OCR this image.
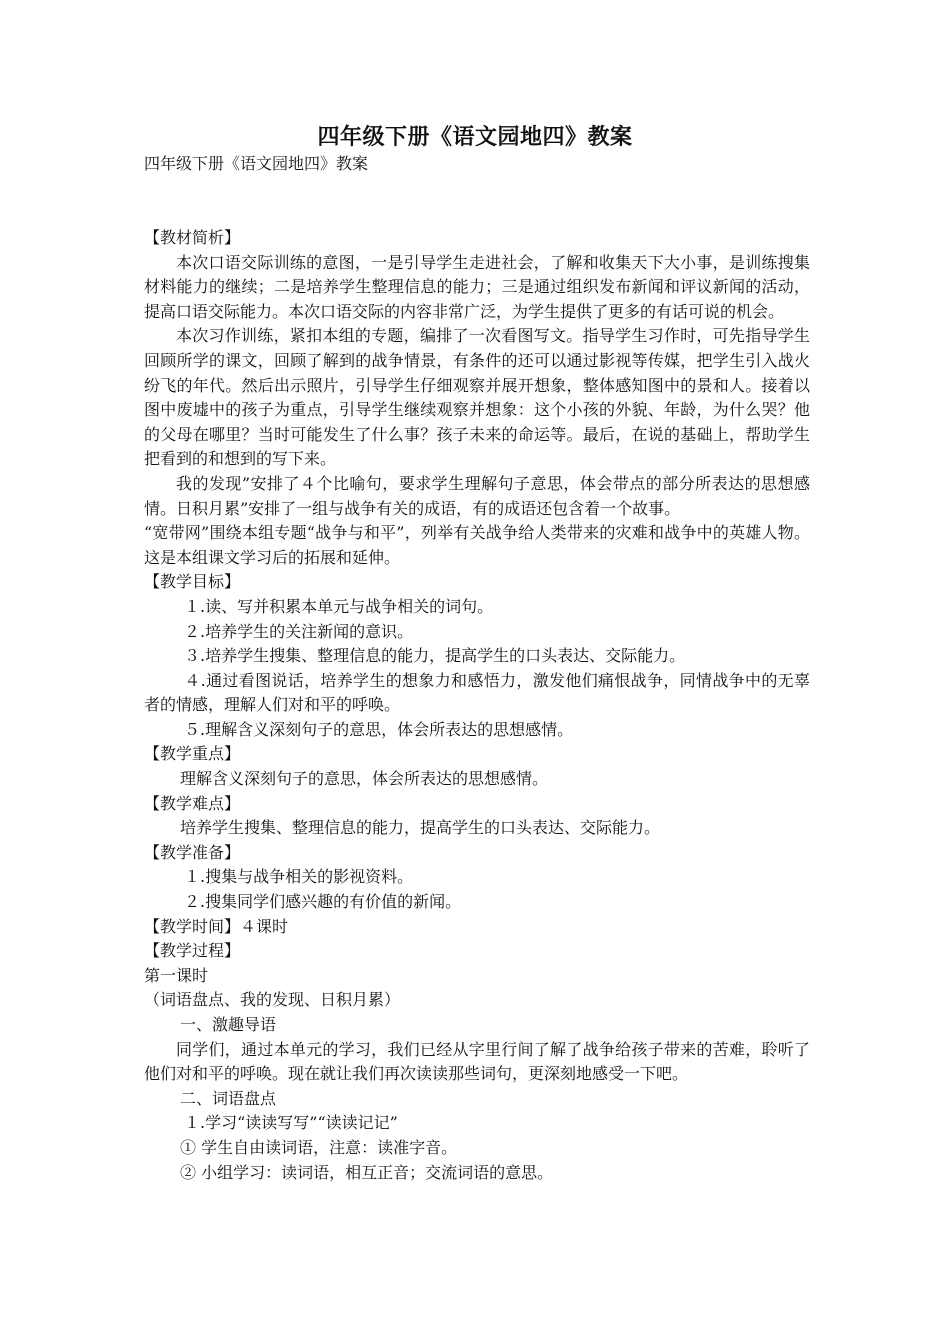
四年级下册《语文园地四》教案
四年级下册《语文园地四》教案

【教材简析】

本次口语交际训练的意图，一是引导学生走进社会，了解和收集天下大小事，是训练搜集材料能力的继续；二是培养学生整理信息的能力；三是通过组织发布新闻和评议新闻的活动，提高口语交际能力。本次口语交际的内容非常广泛，为学生提供了更多的有话可说的机会。

本次习作训练，紧扣本组的专题，编排了一次看图写文。指导学生习作时，可先指导学生回顾所学的课文，回顾了解到的战争情景，有条件的还可以通过影视等传媒，把学生引入战火纷飞的年代。然后出示照片，引导学生仔细观察并展开想象，整体感知图中的景和人。接着以图中废墟中的孩子为重点，引导学生继续观察并想象：这个小孩的外貌、年龄，为什么哭？他的父母在哪里？当时可能发生了什么事？孩子未来的命运等。最后，在说的基础上，帮助学生把看到的和想到的写下来。

我的发现”安排了４个比喻句，要求学生理解句子意思，体会带点的部分所表达的思想感情。日积月累”安排了一组与战争有关的成语，有的成语还包含着一个故事。

“宽带网”围绕本组专题“战争与和平”，列举有关战争给人类带来的灾难和战争中的英雄人物。这是本组课文学习后的拓展和延伸。

【教学目标】

１.读、写并积累本单元与战争相关的词句。

２.培养学生的关注新闻的意识。

３.培养学生搜集、整理信息的能力，提高学生的口头表达、交际能力。

４.通过看图说话，培养学生的想象力和感悟力，激发他们痛恨战争，同情战争中的无辜者的情感，理解人们对和平的呼唤。

５.理解含义深刻句子的意思，体会所表达的思想感情。

【教学重点】

理解含义深刻句子的意思，体会所表达的思想感情。

【教学难点】

培养学生搜集、整理信息的能力，提高学生的口头表达、交际能力。

【教学准备】

１.搜集与战争相关的影视资料。

２.搜集同学们感兴趣的有价值的新闻。

【教学时间】４课时

【教学过程】

第一课时

（词语盘点、我的发现、日积月累）

一、激趣导语

同学们，通过本单元的学习，我们已经从字里行间了解了战争给孩子带来的苦难，聆听了他们对和平的呼唤。现在就让我们再次读读那些词句，更深刻地感受一下吧。

二、词语盘点

１.学习“读读写写”“读读记记”

① 学生自由读词语，注意：读准字音。

② 小组学习：读词语，相互正音；交流词语的意思。
